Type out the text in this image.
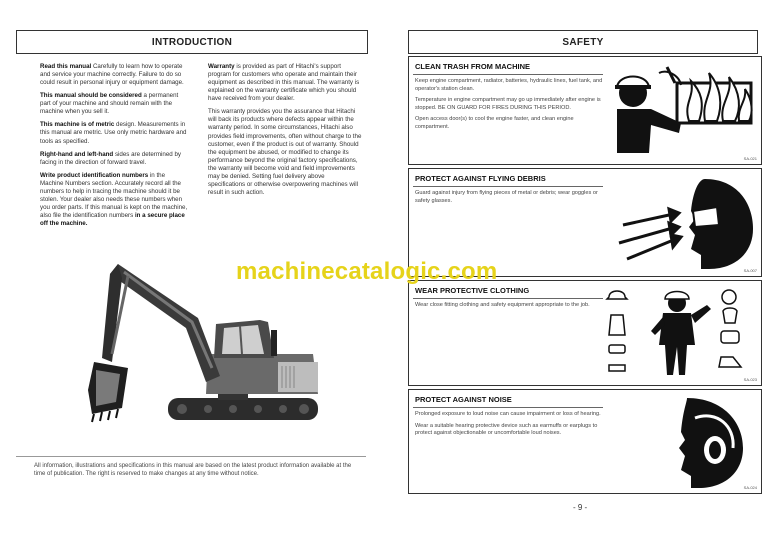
INTRODUCTION

Read this manual Carefully to learn how to operate and service your machine correctly. Failure to do so could result in personal injury or equipment damage.

This manual should be considered a permanent part of your machine and should remain with the machine when you sell it.

This machine is of metric design. Measurements in this manual are metric. Use only metric hardware and tools as specified.

Right-hand and left-hand sides are determined by facing in the direction of forward travel.

Write product identification numbers in the Machine Numbers section. Accurately record all the numbers to help in tracing the machine should it be stolen. Your dealer also needs these numbers when you order parts. If this manual is kept on the machine, also file the identification numbers in a secure place off the machine.

Warranty is provided as part of Hitachi's support program for customers who operate and maintain their equipment as described in this manual. The warranty is explained on the warranty certificate which you should have received from your dealer.

This warranty provides you the assurance that Hitachi will back its products where defects appear within the warranty period. In some circumstances, Hitachi also provides field improvements, often without charge to the customer, even if the product is out of warranty. Should the equipment be abused, or modified to change its performance beyond the original factory specifications, the warranty will become void and field improvements may be denied. Setting fuel delivery above specifications or otherwise overpowering machines will result in such action.

All information, illustrations and specifications in this manual are based on the latest product information available at the time of publication. The right is reserved to make changes at any time without notice.
SAFETY
CLEAN TRASH FROM MACHINE

Keep engine compartment, radiator, batteries, hydraulic lines, fuel tank, and operator's station clean.

Temperature in engine compartment may go up immediately after engine is stopped. BE ON GUARD FOR FIRES DURING THIS PERIOD.

Open access door(s) to cool the engine faster, and clean engine compartment.

SA-021
PROTECT AGAINST FLYING DEBRIS

Guard against injury from flying pieces of metal or debris; wear goggles or safety glasses.

SA-007
WEAR PROTECTIVE CLOTHING

Wear close fitting clothing and safety equipment appropriate to the job.

SA-023
PROTECT AGAINST NOISE

Prolonged exposure to loud noise can cause impairment or loss of hearing.

Wear a suitable hearing protective device such as earmuffs or earplugs to protect against objectionable or uncomfortable loud noises.

SA-024
machinecatalogic.com
- 9 -
